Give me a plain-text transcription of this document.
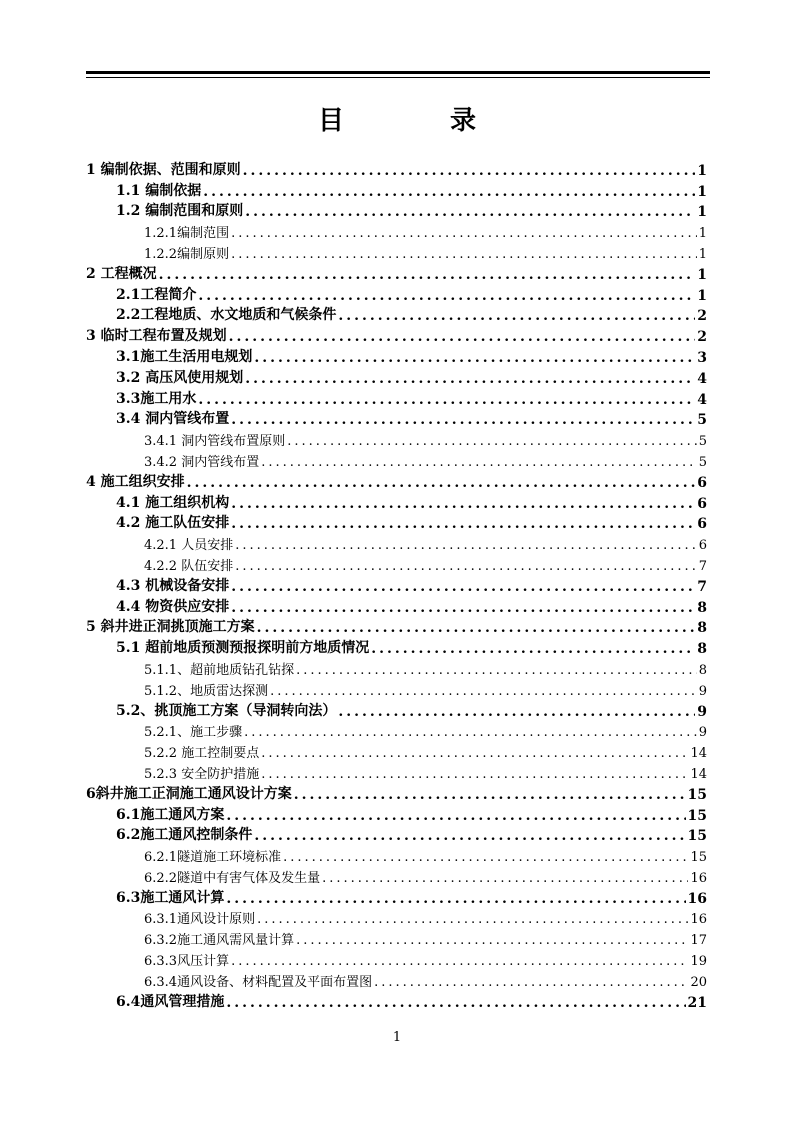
目　录
1 编制依据、范围和原则 .....	1
1.1 编制依据 .....	1
1.2 编制范围和原则 .....	1
1.2.1编制范围 .....	1
1.2.2编制原则 .....	1
2 工程概况 .....	1
2.1工程简介 .....	1
2.2工程地质、水文地质和气候条件 .....	2
3 临时工程布置及规划 .....	2
3.1施工生活用电规划 .....	3
3.2 高压风使用规划 .....	4
3.3施工用水 .....	4
3.4 洞内管线布置 .....	5
3.4.1 洞内管线布置原则 .....	5
3.4.2 洞内管线布置 .....	5
4 施工组织安排 .....	6
4.1 施工组织机构 .....	6
4.2 施工队伍安排 .....	6
4.2.1 人员安排 .....	6
4.2.2 队伍安排 .....	7
4.3 机械设备安排 .....	7
4.4 物资供应安排 .....	8
5 斜井进正洞挑顶施工方案 .....	8
5.1 超前地质预测预报探明前方地质情况 .....	8
5.1.1、超前地质钻孔钻探 .....	8
5.1.2、地质雷达探测 .....	9
5.2、挑顶施工方案（导洞转向法） .....	9
5.2.1、施工步骤 .....	9
5.2.2 施工控制要点 .....	14
5.2.3 安全防护措施 .....	14
6斜井施工正洞施工通风设计方案 .....	15
6.1施工通风方案 .....	15
6.2施工通风控制条件 .....	15
6.2.1隧道施工环境标准 .....	15
6.2.2隧道中有害气体及发生量 .....	16
6.3施工通风计算 .....	16
6.3.1通风设计原则 .....	16
6.3.2施工通风需风量计算 .....	17
6.3.3风压计算 .....	19
6.3.4通风设备、材料配置及平面布置图 .....	20
6.4通风管理措施 .....	21
1
